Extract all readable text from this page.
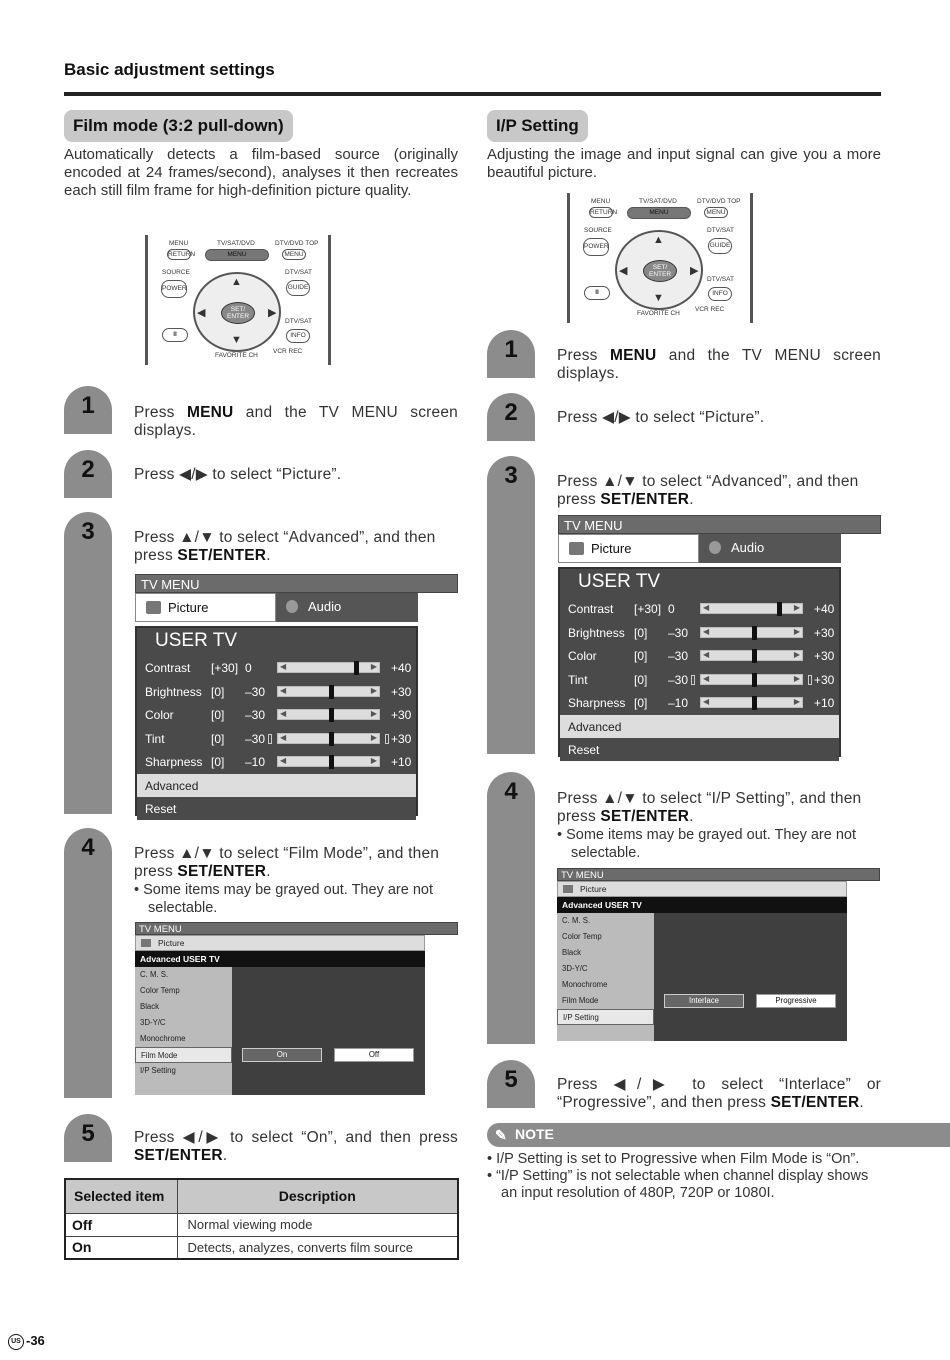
Basic adjustment settings
Film mode (3:2 pull-down)
Automatically detects a film-based source (originally encoded at 24 frames/second), analyses it then recreates each still film frame for high-definition picture quality.
MENU	TV/SAT/DVD	DTV/DVD TOP
RETURN	MENU	MENU
SOURCE	DTV/SAT
POWER	GUIDE
SET/ ENTER
▲
▼
◀	▶
DTV/SAT
INFO
II
FAVORITE CH
VCR REC
1	Press MENU and the TV MENU screen displays.
2	Press ◀/▶ to select “Picture”.
3	Press ▲/▼ to select “Advanced”, and then press SET/ENTER.
TV MENU
Picture	Audio
USER TV
Contrast [+30] 0	◀	▶ +40
Brightness [0] –30 ◀	▶ +30
Color	[0] –30 ◀	▶ +30
Tint	[0] –30 ◀	▶ +30
Sharpness [0] –10 ◀	▶ +10
Advanced
Reset
4	Press ▲/▼ to select “Film Mode”, and then press SET/ENTER.
• Some items may be grayed out. They are not selectable.
TV MENU
Picture
Advanced USER TV
C. M. S.
Color Temp
Black
3D-Y/C
Monochrome
Film Mode
I/P Setting
On	Off
5	Press ◀/▶ to select “On”, and then press SET/ENTER.
Selected item	Description
Off	Normal viewing mode
On	Detects, analyzes, converts film source
I/P Setting
Adjusting the image and input signal can give you a more beautiful picture.
MENU	TV/SAT/DVD	DTV/DVD TOP
RETURN	MENU	MENU
SOURCE	DTV/SAT
POWER	GUIDE
SET/ ENTER
▲
▼
◀	▶
DTV/SAT
INFO
II
FAVORITE CH
VCR REC
1	Press MENU and the TV MENU screen displays.
2	Press ◀/▶ to select “Picture”.
3	Press ▲/▼ to select “Advanced”, and then press SET/ENTER.
TV MENU
Picture	Audio
USER TV
Contrast [+30] 0	◀	▶ +40
Brightness [0] –30 ◀	▶ +30
Color	[0] –30 ◀	▶ +30
Tint	[0] –30 ◀	▶ +30
Sharpness [0] –10 ◀	▶ +10
Advanced
Reset
4	Press ▲/▼ to select “I/P Setting”, and then press SET/ENTER.
• Some items may be grayed out. They are not selectable.
TV MENU
Picture
Advanced USER TV
C. M. S.
Color Temp
Black
3D-Y/C
Monochrome
Film Mode
I/P Setting
Interlace	Progressive
5	Press ◀/▶ to select “Interlace” or “Progressive”, and then press SET/ENTER.
✎ NOTE
• I/P Setting is set to Progressive when Film Mode is “On”.
• “I/P Setting” is not selectable when channel display shows an input resolution of 480P, 720P or 1080I.
US -36
